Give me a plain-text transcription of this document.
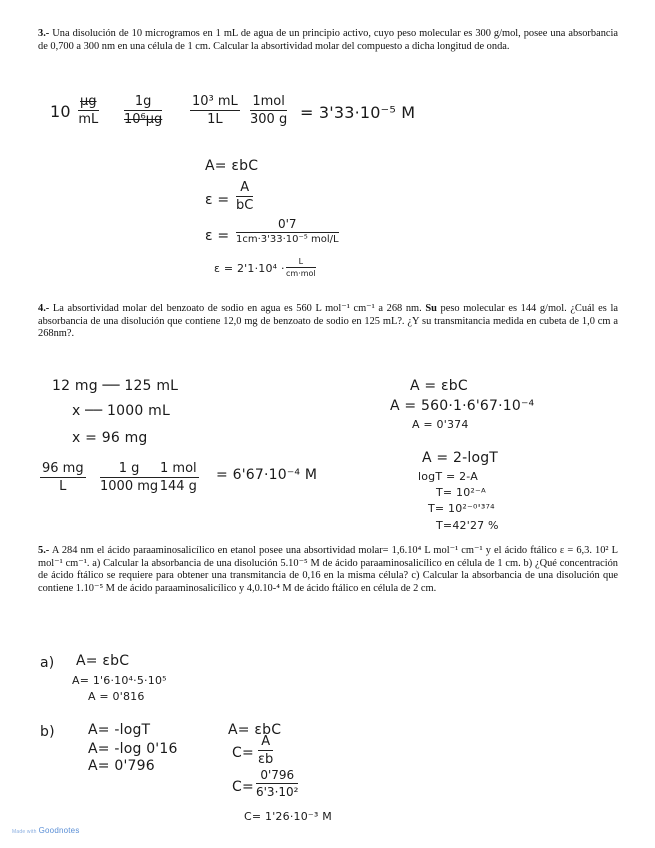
3.- Una disolución de 10 microgramos en 1 mL de agua de un principio activo, cuyo peso molecular es 300 g/mol, posee una absorbancia de 0,700 a 300 nm en una célula de 1 cm. Calcular la absortividad molar del compuesto a dicha longitud de onda.

10
µg
mL
1g
$10^6\mu g \frac{\text{10³ mL}}{1L} 1mol$
300 g = 3'33·10⁻⁵ M
A= εbC
$\varepsilon = \frac{A}{bC}$
ε =
0'7
1cm·3'33·10⁻⁵ mol/L
ε = 2'1·10⁴ ·
L
cm·mol

4.- La absortividad molar del benzoato de sodio en agua es 560 L mol⁻¹ cm⁻¹ a 268 nm. Su peso molecular es 144 g/mol. ¿Cuál es la absorbancia de una disolución que contiene 12,0 mg de benzoato de sodio en 125 mL?. ¿Y su transmitancia medida en cubeta de 1,0 cm a 268nm?.

12 mg ── 125 mL
x ── 1000 mL
x = 96 mg
$\frac{96 mg}{L} \frac{1 g}{1000 mg} 1$ mol
144 g
= 6'67·10⁻⁴ M
A = εbC
A = 560·1·6'67·10⁻⁴
A = 0'374
A = 2-logT
logT = 2-A
T= 10²⁻ᴬ
T= 10²⁻⁰'³⁷⁴
T=42'27 %

5.- A 284 nm el ácido paraaminosalicílico en etanol posee una absortividad molar= 1,6.10⁴ L mol⁻¹ cm⁻¹ y el ácido ftálico ε = 6,3. 10² L mol⁻¹ cm⁻¹. a) Calcular la absorbancia de una disolución 5.10⁻⁵ M de ácido paraaminosalicílico en célula de 1 cm. b) ¿Qué concentración de ácido ftálico se requiere para obtener una transmitancia de 0,16 en la misma célula? c) Calcular la absorbancia de una disolución que contiene 1.10⁻⁵ M de ácido paraaminosalicílico y 4,0.10-⁴ M de ácido ftálico en célula de 2 cm.

a) A= εbC
A= 1'6·10⁴·5·10⁵
A = 0'816
b) A= -logT
A= -log 0'16
A= 0'796
A= εbC
$C= \frac{A}{\varepsilon b}$
$C= \frac{0'796}{\text{6'3·10²}}$
C= 1'26·10⁻³ M
Made with Goodnotes
